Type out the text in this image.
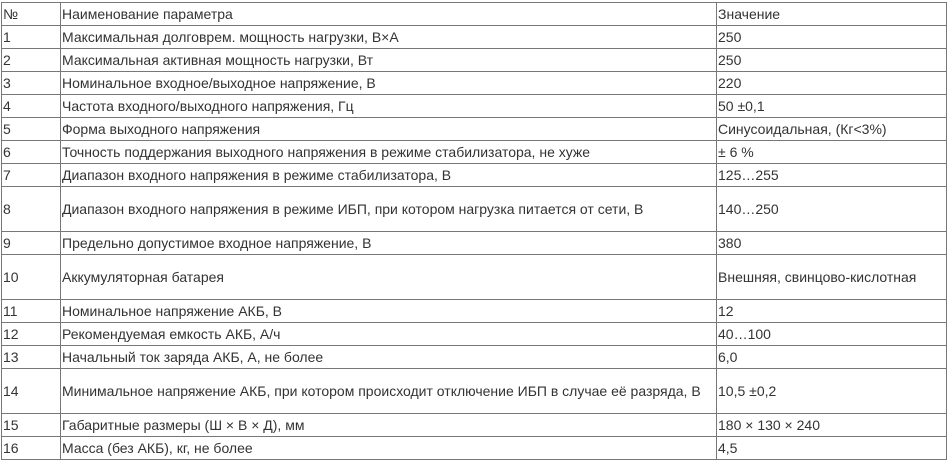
№	Наименование параметра	Значение
1	Максимальная долговрем. мощность нагрузки, В×А	250
2	Максимальная активная мощность нагрузки, Вт	250
3	Номинальное входное/выходное напряжение, В	220
4	Частота входного/выходного напряжения, Гц	50 ±0,1
5	Форма выходного напряжения	Синусоидальная, (Кг<3%)
6	Точность поддержания выходного напряжения в режиме стабилизатора, не хуже	± 6 %
7	Диапазон входного напряжения в режиме стабилизатора, В	125…255
8	Диапазон входного напряжения в режиме ИБП, при котором нагрузка питается от сети, В	140…250
9	Предельно допустимое входное напряжение, В	380
10	Аккумуляторная батарея	Внешняя, свинцово-кислотная
11	Номинальное напряжение АКБ, В	12
12	Рекомендуемая емкость АКБ, А/ч	40…100
13	Начальный ток заряда АКБ, А, не более	6,0
14	Минимальное напряжение АКБ, при котором происходит отключение ИБП в случае её разряда, В	10,5 ±0,2
15	Габаритные размеры (Ш × В × Д), мм	180 × 130 × 240
16	Масса (без АКБ), кг, не более	4,5
